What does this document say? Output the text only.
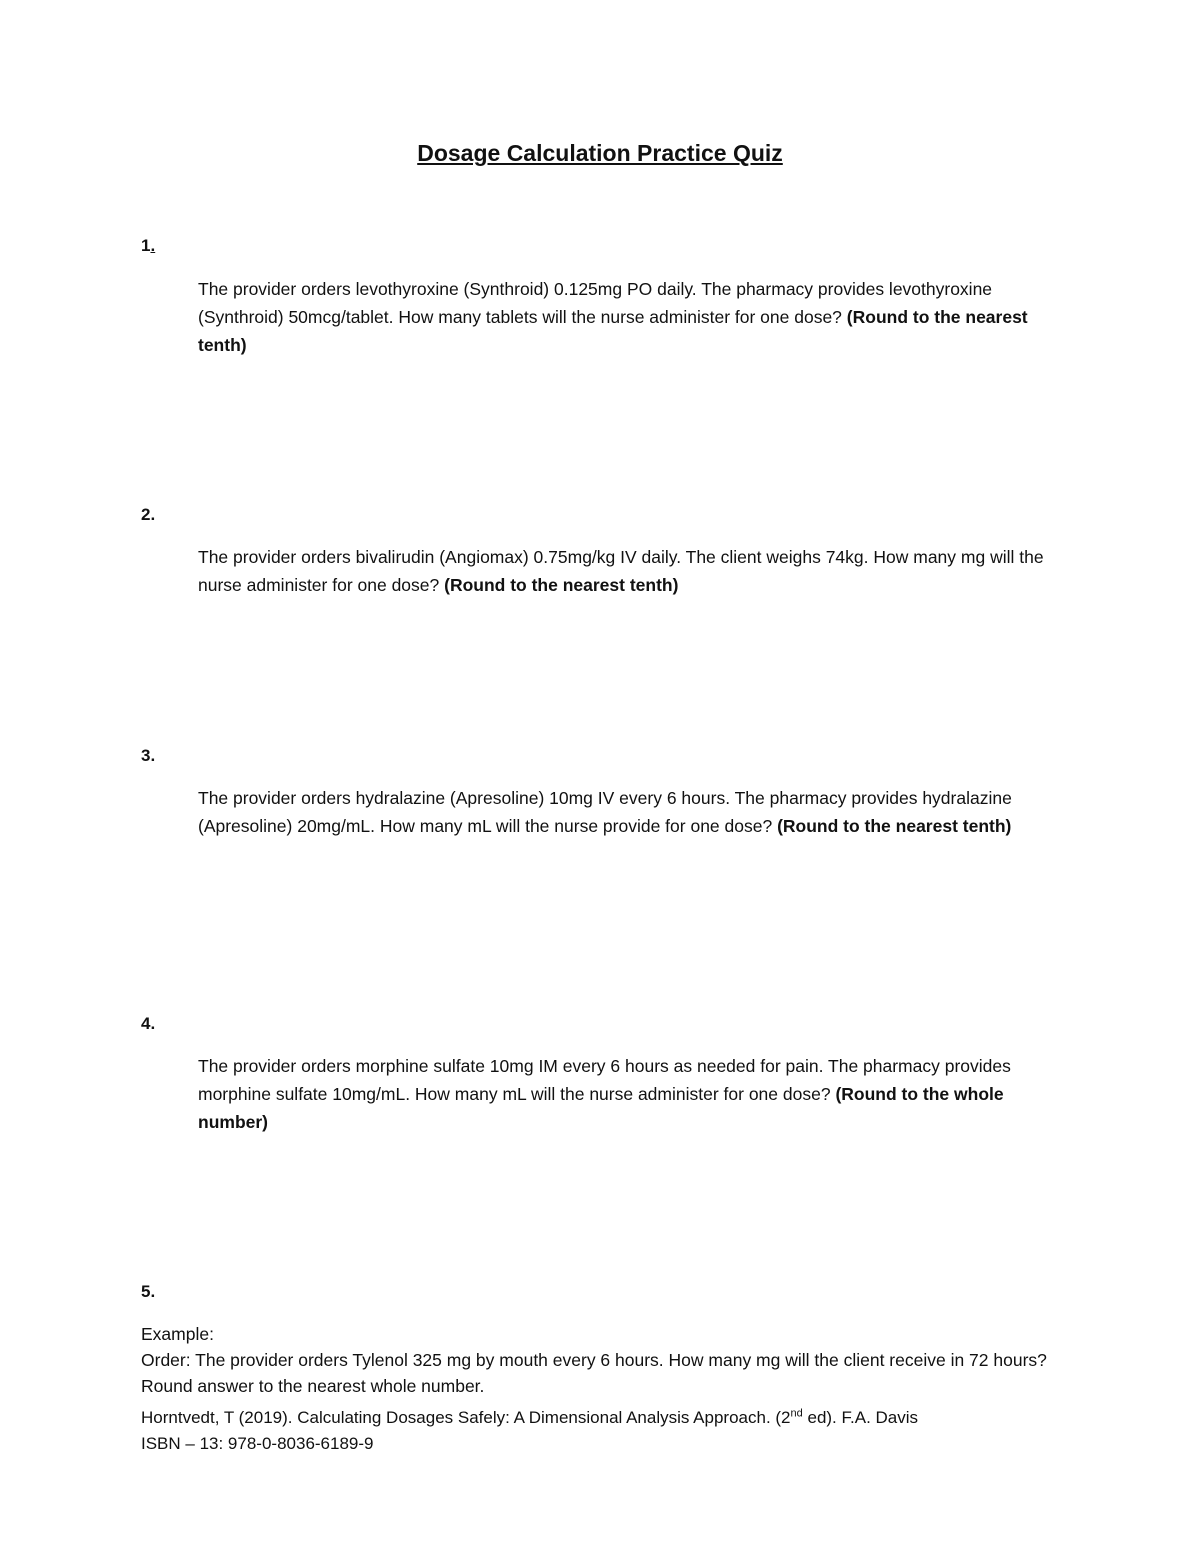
Dosage Calculation Practice Quiz
1.
The provider orders levothyroxine (Synthroid) 0.125mg PO daily. The pharmacy provides levothyroxine (Synthroid) 50mcg/tablet. How many tablets will the nurse administer for one dose? (Round to the nearest tenth)
2.
The provider orders bivalirudin (Angiomax) 0.75mg/kg IV daily. The client weighs 74kg. How many mg will the nurse administer for one dose? (Round to the nearest tenth)
3.
The provider orders hydralazine (Apresoline) 10mg IV every 6 hours. The pharmacy provides hydralazine (Apresoline) 20mg/mL. How many mL will the nurse provide for one dose? (Round to the nearest tenth)
4.
The provider orders morphine sulfate 10mg IM every 6 hours as needed for pain. The pharmacy provides morphine sulfate 10mg/mL. How many mL will the nurse administer for one dose? (Round to the whole number)
5.
Example:
Order: The provider orders Tylenol 325 mg by mouth every 6 hours. How many mg will the client receive in 72 hours? Round answer to the nearest whole number.
Horntvedt, T (2019). Calculating Dosages Safely: A Dimensional Analysis Approach. (2nd ed). F.A. Davis
ISBN – 13: 978-0-8036-6189-9
